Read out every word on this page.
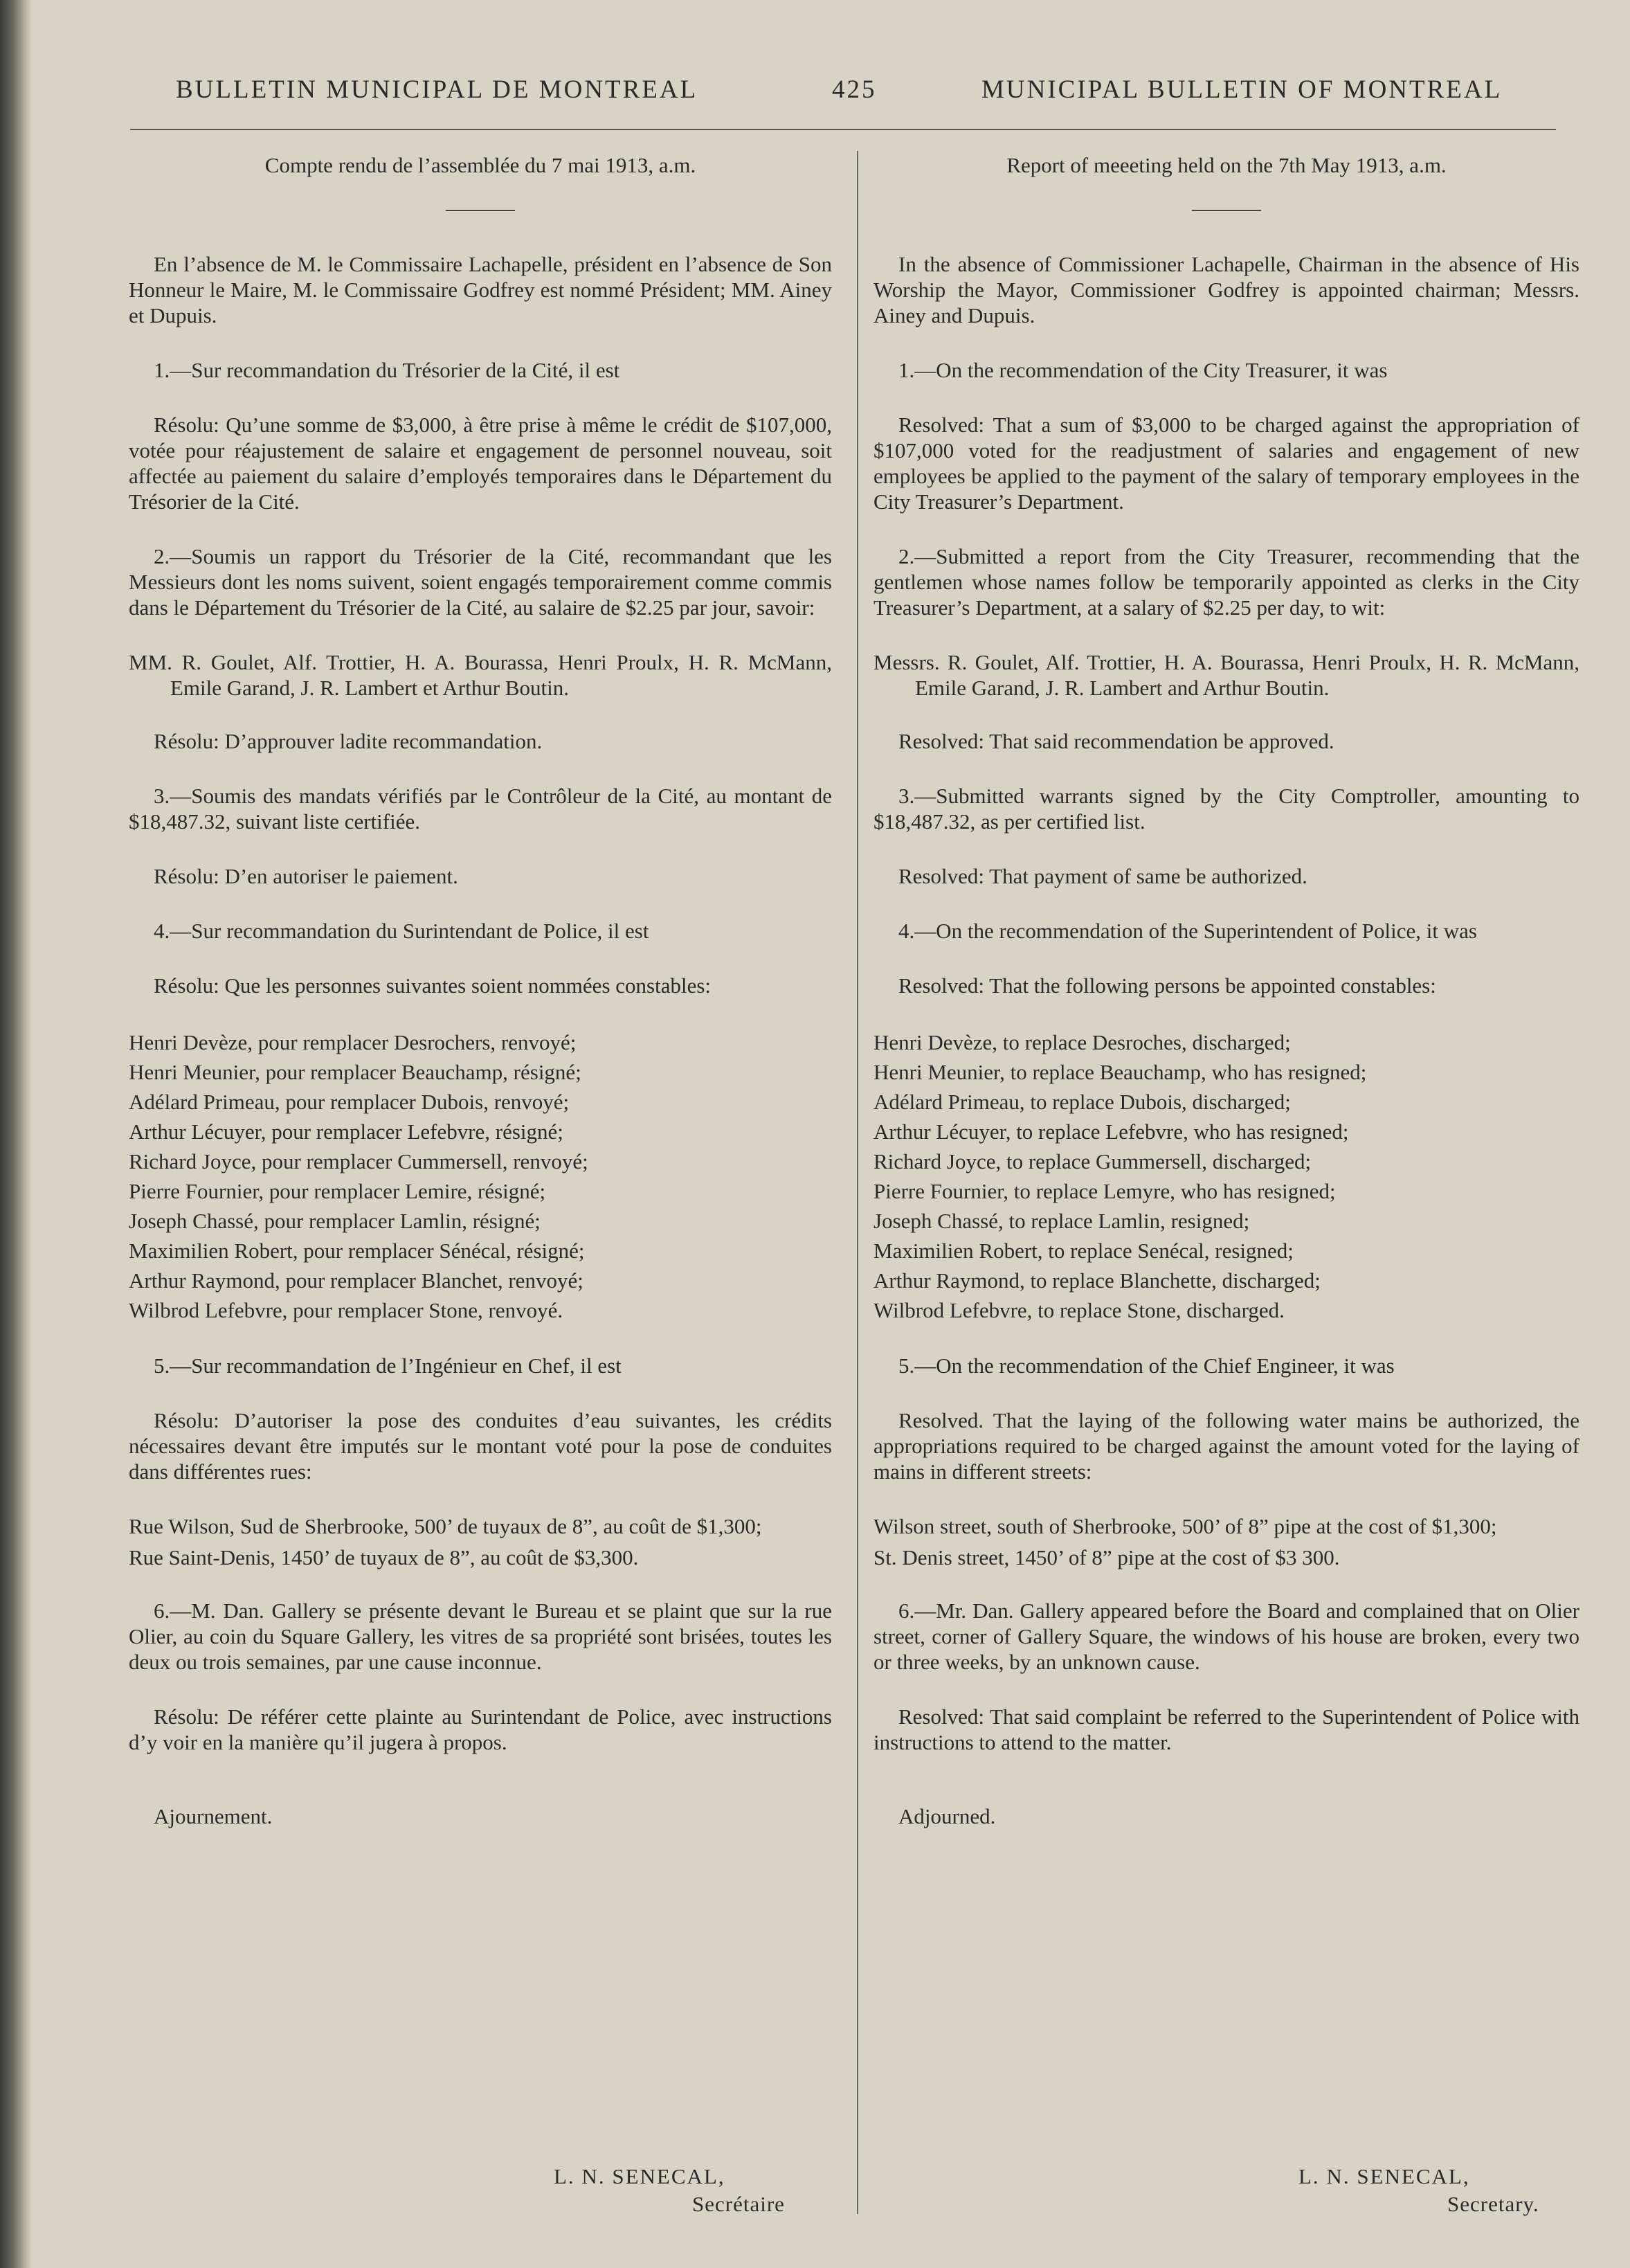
BULLETIN MUNICIPAL DE MONTREAL	425	MUNICIPAL BULLETIN OF MONTREAL

Compte rendu de l’assemblée du 7 mai 1913, a.m.

En l’absence de M. le Commissaire Lachapelle, président en l’absence de Son Honneur le Maire, M. le Commissaire Godfrey est nommé Président; MM. Ainey et Dupuis.

1.—Sur recommandation du Trésorier de la Cité, il est

Résolu: Qu’une somme de $3,000, à être prise à même le crédit de $107,000, votée pour réajustement de salaire et engagement de personnel nouveau, soit affectée au paiement du salaire d’employés temporaires dans le Département du Trésorier de la Cité.

2.—Soumis un rapport du Trésorier de la Cité, recommandant que les Messieurs dont les noms suivent, soient engagés temporairement comme commis dans le Département du Trésorier de la Cité, au salaire de $2.25 par jour, savoir:

MM. R. Goulet, Alf. Trottier, H. A. Bourassa, Henri Proulx, H. R. McMann, Emile Garand, J. R. Lambert et Arthur Boutin.

Résolu: D’approuver ladite recommandation.

3.—Soumis des mandats vérifiés par le Contrôleur de la Cité, au montant de $18,487.32, suivant liste certifiée.

Résolu: D’en autoriser le paiement.

4.—Sur recommandation du Surintendant de Police, il est

Résolu: Que les personnes suivantes soient nommées constables:

Henri Devèze, pour remplacer Desrochers, renvoyé;
Henri Meunier, pour remplacer Beauchamp, résigné;
Adélard Primeau, pour remplacer Dubois, renvoyé;
Arthur Lécuyer, pour remplacer Lefebvre, résigné;
Richard Joyce, pour remplacer Cummersell, renvoyé;
Pierre Fournier, pour remplacer Lemire, résigné;
Joseph Chassé, pour remplacer Lamlin, résigné;
Maximilien Robert, pour remplacer Sénécal, résigné;
Arthur Raymond, pour remplacer Blanchet, renvoyé;
Wilbrod Lefebvre, pour remplacer Stone, renvoyé.

5.—Sur recommandation de l’Ingénieur en Chef, il est

Résolu: D’autoriser la pose des conduites d’eau suivantes, les crédits nécessaires devant être imputés sur le montant voté pour la pose de conduites dans différentes rues:

Rue Wilson, Sud de Sherbrooke, 500’ de tuyaux de 8”, au coût de $1,300;

Rue Saint-Denis, 1450’ de tuyaux de 8”, au coût de $3,300.

6.—M. Dan. Gallery se présente devant le Bureau et se plaint que sur la rue Olier, au coin du Square Gallery, les vitres de sa propriété sont brisées, toutes les deux ou trois semaines, par une cause inconnue.

Résolu: De référer cette plainte au Surintendant de Police, avec instructions d’y voir en la manière qu’il jugera à propos.

Ajournement.

L. N. SENECAL,
Secrétaire

Report of meeeting held on the 7th May 1913, a.m.

In the absence of Commissioner Lachapelle, Chairman in the absence of His Worship the Mayor, Commissioner Godfrey is appointed chairman; Messrs. Ainey and Dupuis.

1.—On the recommendation of the City Treasurer, it was

Resolved: That a sum of $3,000 to be charged against the appropriation of $107,000 voted for the readjustment of salaries and engagement of new employees be applied to the payment of the salary of temporary employees in the City Treasurer’s Department.

2.—Submitted a report from the City Treasurer, recommending that the gentlemen whose names follow be temporarily appointed as clerks in the City Treasurer’s Department, at a salary of $2.25 per day, to wit:

Messrs. R. Goulet, Alf. Trottier, H. A. Bourassa, Henri Proulx, H. R. McMann, Emile Garand, J. R. Lambert and Arthur Boutin.

Resolved: That said recommendation be approved.

3.—Submitted warrants signed by the City Comptroller, amounting to $18,487.32, as per certified list.

Resolved: That payment of same be authorized.

4.—On the recommendation of the Superintendent of Police, it was

Resolved: That the following persons be appointed constables:

Henri Devèze, to replace Desroches, discharged;
Henri Meunier, to replace Beauchamp, who has resigned;
Adélard Primeau, to replace Dubois, discharged;
Arthur Lécuyer, to replace Lefebvre, who has resigned;
Richard Joyce, to replace Gummersell, discharged;
Pierre Fournier, to replace Lemyre, who has resigned;
Joseph Chassé, to replace Lamlin, resigned;
Maximilien Robert, to replace Senécal, resigned;
Arthur Raymond, to replace Blanchette, discharged;
Wilbrod Lefebvre, to replace Stone, discharged.

5.—On the recommendation of the Chief Engineer, it was

Resolved. That the laying of the following water mains be authorized, the appropriations required to be charged against the amount voted for the laying of mains in different streets:

Wilson street, south of Sherbrooke, 500’ of 8” pipe at the cost of $1,300;

St. Denis street, 1450’ of 8” pipe at the cost of $3 300.

6.—Mr. Dan. Gallery appeared before the Board and complained that on Olier street, corner of Gallery Square, the windows of his house are broken, every two or three weeks, by an unknown cause.

Resolved: That said complaint be referred to the Superintendent of Police with instructions to attend to the matter.

Adjourned.

L. N. SENECAL,
Secretary.
